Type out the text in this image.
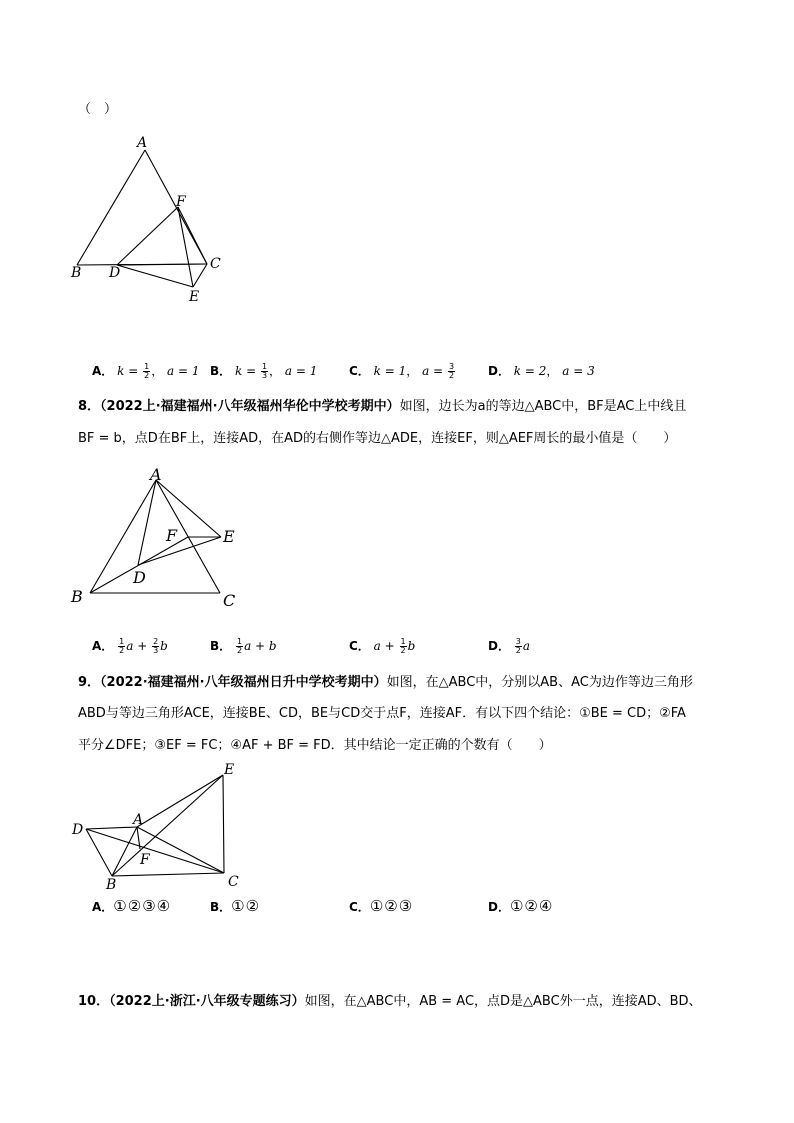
（　）
A
B
C
D
E
F
A． $k = \frac{1}{2}$ ， a = 1 B． $k = \frac{1}{3}$ ， a = 1	C． k = 1， $a = \frac{3}{2}$	D． k = 2， a = 3
8．（2022上·福建福州·八年级福州华伦中学校考期中）如图，边长为a的等边△ABC中，BF是AC上中线且
BF = b，点D在BF上，连接AD，在AD的右侧作等边△ADE，连接EF，则△AEF周长的最小值是（　　）
A
B	C
D
E
F
A． $\frac{1}{2}$ $a + \frac{2}{3}$ b	B． $\frac{1}{2}$ a + b	C． $a + \frac{1}{2}$ b	D． $\frac{3}{2}$ a
9．（2022·福建福州·八年级福州日升中学校考期中）如图，在△ABC中，分别以AB、AC为边作等边三角形
ABD与等边三角形ACE，连接BE、CD，BE与CD交于点F，连接AF．有以下四个结论：①BE = CD；②FA
平分∠DFE；③EF = FC；④AF + BF = FD．其中结论一定正确的个数有（　　）
A
B	C
D
E
F
A．①②③④	B．①②	C．①②③	D．①②④
10．（2022上·浙江·八年级专题练习）如图，在△ABC中，AB = AC，点D是△ABC外一点，连接AD、BD、
